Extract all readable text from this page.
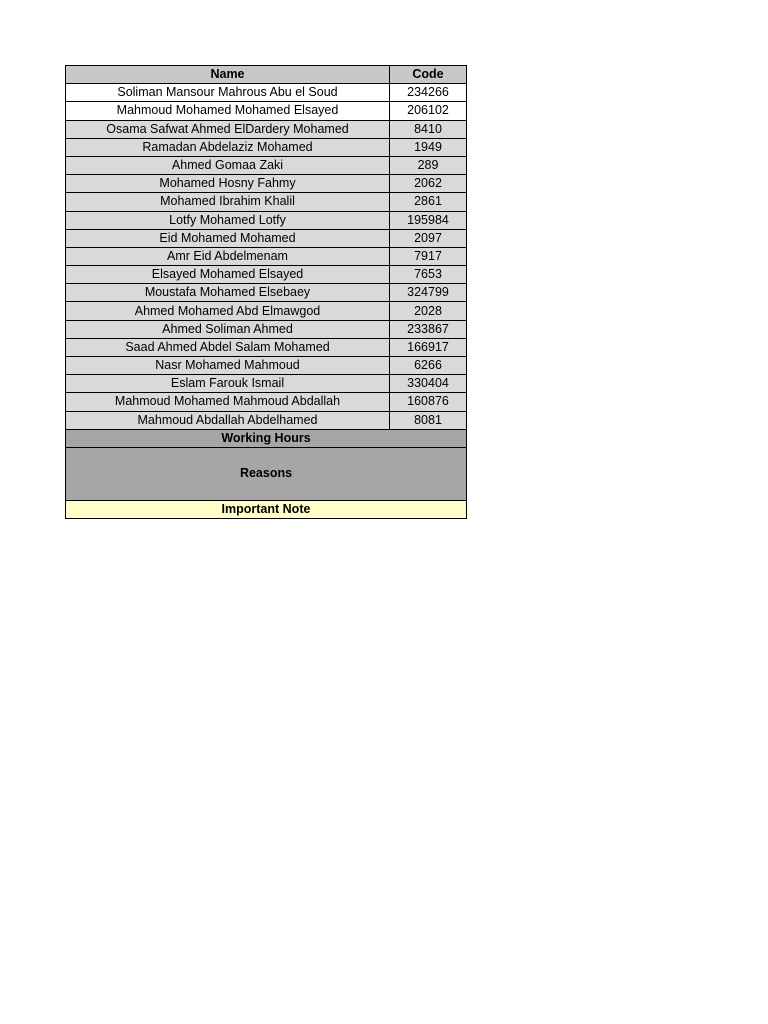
Name	Code
Soliman Mansour Mahrous Abu el Soud	234266
Mahmoud Mohamed Mohamed Elsayed	206102
Osama Safwat Ahmed ElDardery Mohamed	8410
Ramadan Abdelaziz Mohamed	1949
Ahmed Gomaa Zaki	289
Mohamed Hosny Fahmy	2062
Mohamed Ibrahim Khalil	2861
Lotfy Mohamed Lotfy	195984
Eid Mohamed Mohamed	2097
Amr Eid Abdelmenam	7917
Elsayed Mohamed Elsayed	7653
Moustafa Mohamed Elsebaey	324799
Ahmed Mohamed Abd Elmawgod	2028
Ahmed Soliman Ahmed	233867
Saad Ahmed Abdel Salam Mohamed	166917
Nasr Mohamed Mahmoud	6266
Eslam Farouk Ismail	330404
Mahmoud Mohamed Mahmoud Abdallah	160876
Mahmoud Abdallah Abdelhamed	8081
Working Hours	
Reasons	
Important Note	
